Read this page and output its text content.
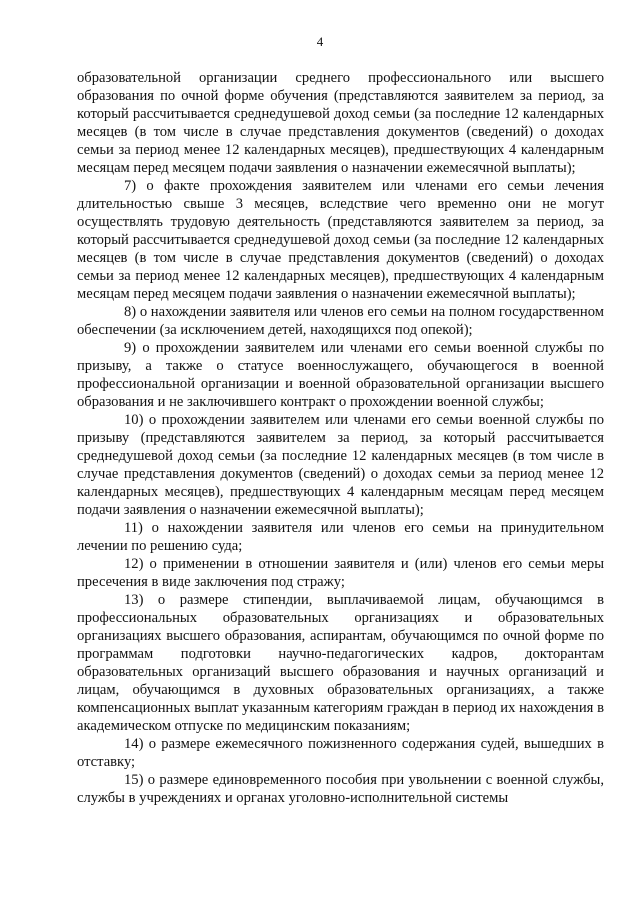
4

образовательной организации среднего профессионального или высшего образования по очной форме обучения (представляются заявителем за период, за который рассчитывается среднедушевой доход семьи (за последние 12 календарных месяцев (в том числе в случае представления документов (сведений) о доходах семьи за период менее 12 календарных месяцев), предшествующих 4 календарным месяцам перед месяцем подачи заявления о назначении ежемесячной выплаты);

7) о факте прохождения заявителем или членами его семьи лечения длительностью свыше 3 месяцев, вследствие чего временно они не могут осуществлять трудовую деятельность (представляются заявителем за период, за который рассчитывается среднедушевой доход семьи (за последние 12 календарных месяцев (в том числе в случае представления документов (сведений) о доходах семьи за период менее 12 календарных месяцев), предшествующих 4 календарным месяцам перед месяцем подачи заявления о назначении ежемесячной выплаты);

8) о нахождении заявителя или членов его семьи на полном государственном обеспечении (за исключением детей, находящихся под опекой);

9) о прохождении заявителем или членами его семьи военной службы по призыву, а также о статусе военнослужащего, обучающегося в военной профессиональной организации и военной образовательной организации высшего образования и не заключившего контракт о прохождении военной службы;

10) о прохождении заявителем или членами его семьи военной службы по призыву (представляются заявителем за период, за который рассчитывается среднедушевой доход семьи (за последние 12 календарных месяцев (в том числе в случае представления документов (сведений) о доходах семьи за период менее 12 календарных месяцев), предшествующих 4 календарным месяцам перед месяцем подачи заявления о назначении ежемесячной выплаты);

11) о нахождении заявителя или членов его семьи на принудительном лечении по решению суда;

12) о применении в отношении заявителя и (или) членов его семьи меры пресечения в виде заключения под стражу;

13) о размере стипендии, выплачиваемой лицам, обучающимся в профессиональных образовательных организациях и образовательных организациях высшего образования, аспирантам, обучающимся по очной форме по программам подготовки научно-педагогических кадров, докторантам образовательных организаций высшего образования и научных организаций и лицам, обучающимся в духовных образовательных организациях, а также компенсационных выплат указанным категориям граждан в период их нахождения в академическом отпуске по медицинским показаниям;

14) о размере ежемесячного пожизненного содержания судей, вышедших в отставку;

15) о размере единовременного пособия при увольнении с военной службы, службы в учреждениях и органах уголовно-исполнительной системы
